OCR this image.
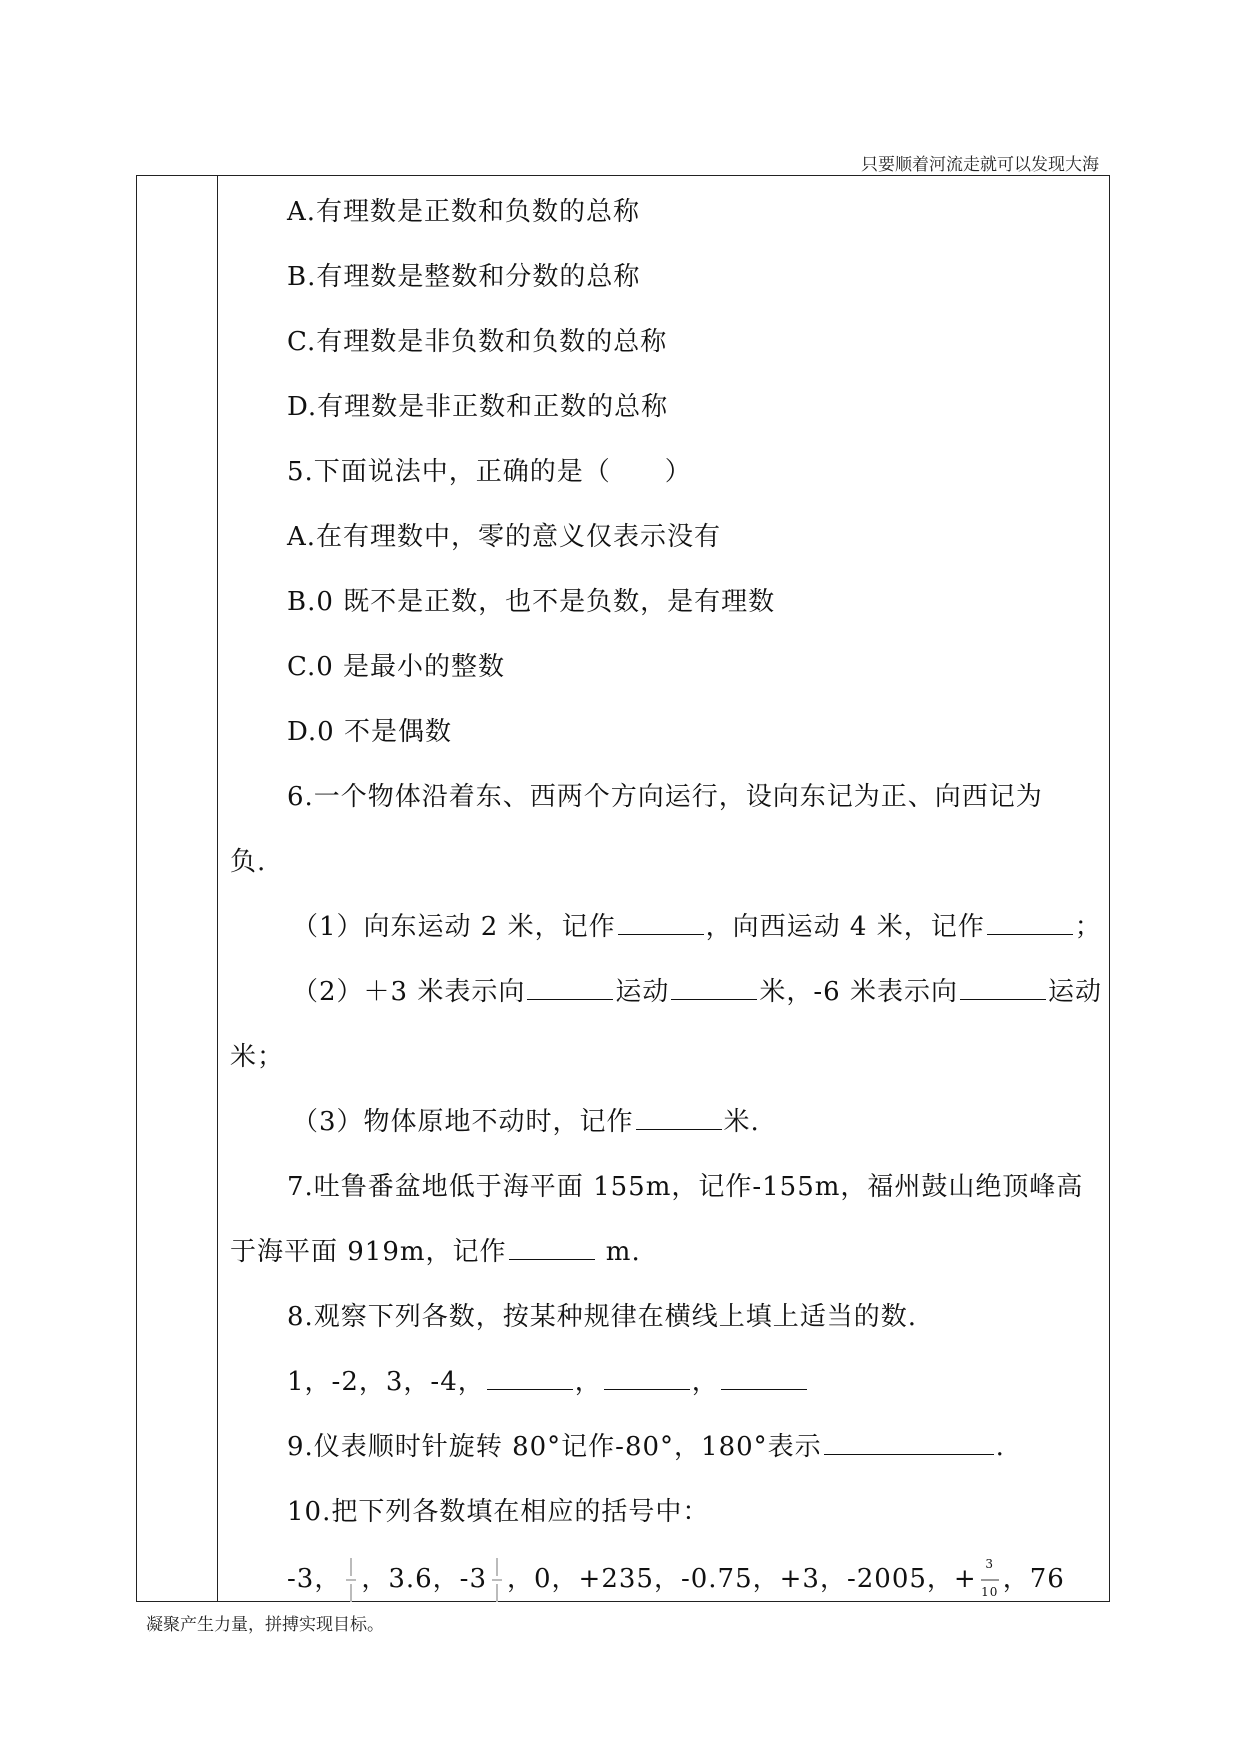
只要顺着河流走就可以发现大海
A.有理数是正数和负数的总称
B.有理数是整数和分数的总称
C.有理数是非负数和负数的总称
D.有理数是非正数和正数的总称
5.下面说法中，正确的是（　　）
A.在有理数中，零的意义仅表示没有
B.0 既不是正数，也不是负数，是有理数
C.0 是最小的整数
D.0 不是偶数
6.一个物体沿着东、西两个方向运行，设向东记为正、向西记为
负.
（1）向东运动 2 米，记作	，向西运动 4 米，记作	；
（2）＋3 米表示向	运动	米，-6 米表示向	运动
米；
（3）物体原地不动时，记作	米.
7.吐鲁番盆地低于海平面 155m，记作-155m，福州鼓山绝顶峰高
于海平面 919m，记作	m.
8.观察下列各数，按某种规律在横线上填上适当的数.
1，-2，3，-4，	，	，
9.仪表顺时针旋转 80°记作-80°，180°表示	.
10.把下列各数填在相应的括号中：
-3， ，3.6，-3 ，0，+235，-0.75，+3，-2005，+ $\frac{3}{10}$ ，76
凝聚产生力量，拼搏实现目标。
